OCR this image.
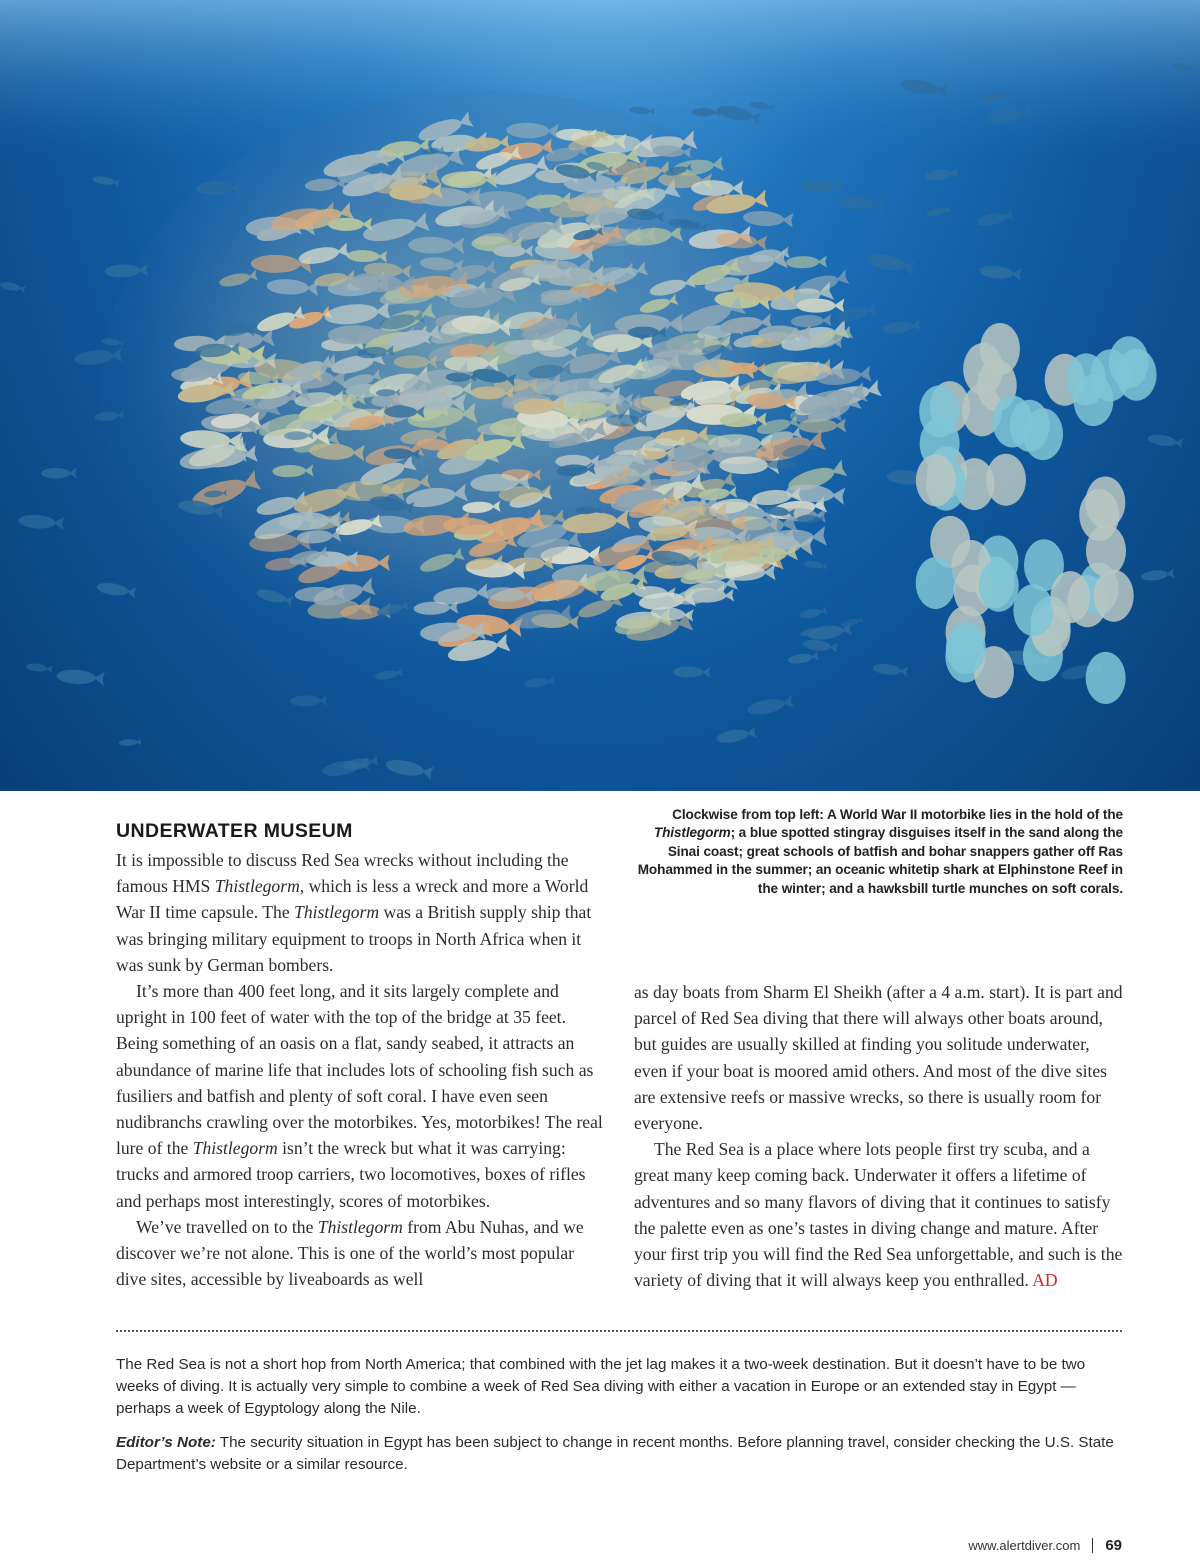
Clockwise from top left: A World War II motorbike lies in the hold of the Thistlegorm; a blue spotted stingray disguises itself in the sand along the Sinai coast; great schools of batfish and bohar snappers gather off Ras Mohammed in the summer; an oceanic whitetip shark at Elphinstone Reef in the winter; and a hawksbill turtle munches on soft corals.
UNDERWATER MUSEUM

It is impossible to discuss Red Sea wrecks without including the famous HMS Thistlegorm, which is less a wreck and more a World War II time capsule. The Thistlegorm was a British supply ship that was bringing military equipment to troops in North Africa when it was sunk by German bombers.

It’s more than 400 feet long, and it sits largely complete and upright in 100 feet of water with the top of the bridge at 35 feet. Being something of an oasis on a flat, sandy seabed, it attracts an abundance of marine life that includes lots of schooling fish such as fusiliers and batfish and plenty of soft coral. I have even seen nudibranchs crawling over the motorbikes. Yes, motorbikes! The real lure of the Thistlegorm isn’t the wreck but what it was carrying: trucks and armored troop carriers, two locomotives, boxes of rifles and perhaps most interestingly, scores of motorbikes.

We’ve travelled on to the Thistlegorm from Abu Nuhas, and we discover we’re not alone. This is one of the world’s most popular dive sites, accessible by liveaboards as well

as day boats from Sharm El Sheikh (after a 4 a.m. start). It is part and parcel of Red Sea diving that there will always other boats around, but guides are usually skilled at finding you solitude underwater, even if your boat is moored amid others. And most of the dive sites are extensive reefs or massive wrecks, so there is usually room for everyone.

The Red Sea is a place where lots people first try scuba, and a great many keep coming back. Underwater it offers a lifetime of adventures and so many flavors of diving that it continues to satisfy the palette even as one’s tastes in diving change and mature. After your first trip you will find the Red Sea unforgettable, and such is the variety of diving that it will always keep you enthralled. AD

The Red Sea is not a short hop from North America; that combined with the jet lag makes it a two-week destination. But it doesn’t have to be two weeks of diving. It is actually very simple to combine a week of Red Sea diving with either a vacation in Europe or an extended stay in Egypt — perhaps a week of Egyptology along the Nile.
Editor’s Note: The security situation in Egypt has been subject to change in recent months. Before planning travel, consider checking the U.S. State Department’s website or a similar resource.
www.alertdiver.com 69
